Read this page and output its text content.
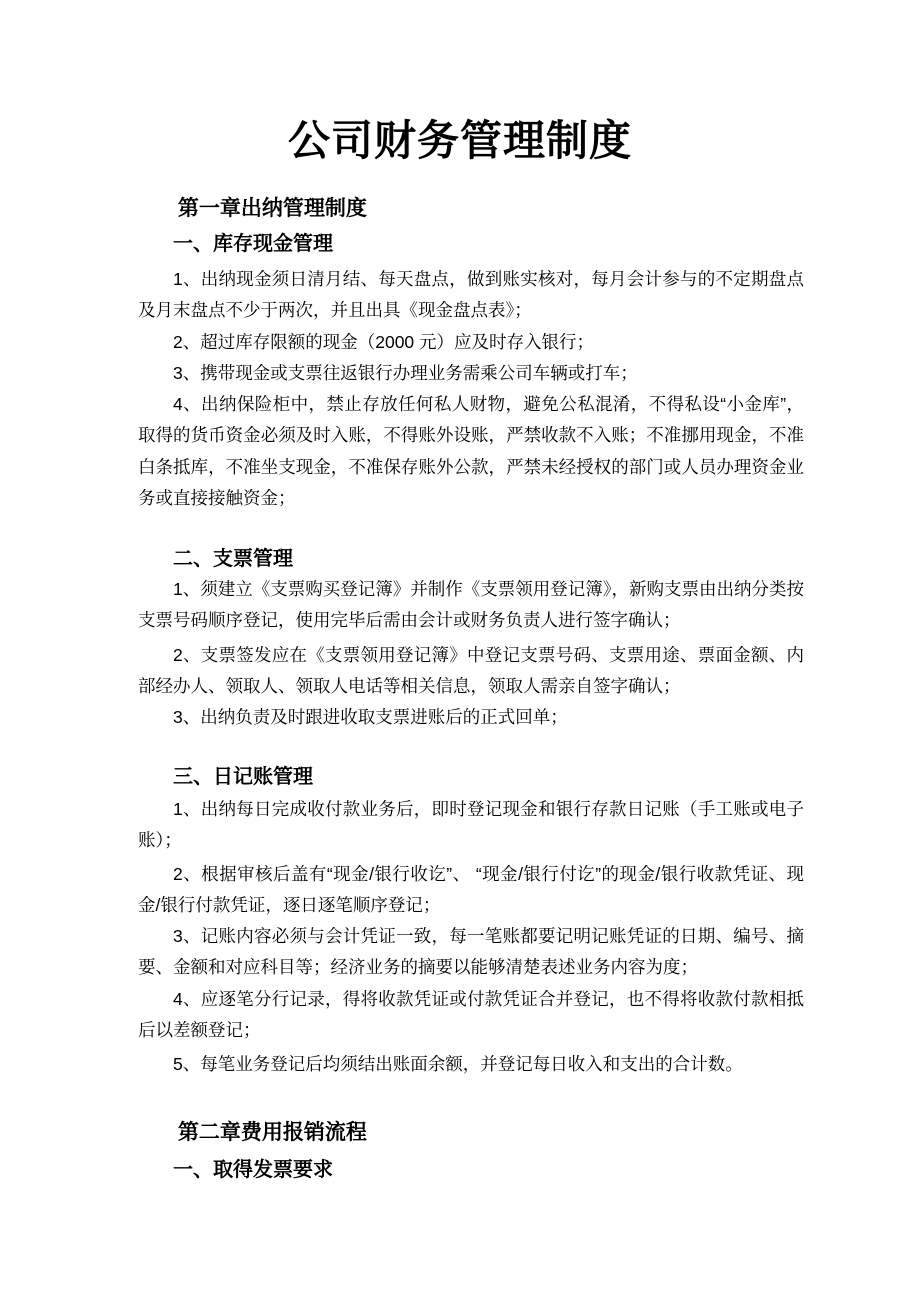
公司财务管理制度
第一章出纳管理制度
一、库存现金管理
1、出纳现金须日清月结、每天盘点，做到账实核对，每月会计参与的不定期盘点及月末盘点不少于两次，并且出具《现金盘点表》；
2、超过库存限额的现金（2000 元）应及时存入银行；
3、携带现金或支票往返银行办理业务需乘公司车辆或打车；
4、出纳保险柜中，禁止存放任何私人财物，避免公私混淆，不得私设“小金库”，取得的货币资金必须及时入账，不得账外设账，严禁收款不入账；不准挪用现金，不准白条抵库，不准坐支现金，不准保存账外公款，严禁未经授权的部门或人员办理资金业务或直接接触资金；
二、支票管理
1、须建立《支票购买登记簿》并制作《支票领用登记簿》，新购支票由出纳分类按支票号码顺序登记，使用完毕后需由会计或财务负责人进行签字确认；
2、支票签发应在《支票领用登记簿》中登记支票号码、支票用途、票面金额、内部经办人、领取人、领取人电话等相关信息，领取人需亲自签字确认；
3、出纳负责及时跟进收取支票进账后的正式回单；
三、日记账管理
1、出纳每日完成收付款业务后，即时登记现金和银行存款日记账（手工账或电子账）；
2、根据审核后盖有“现金/银行收讫”、 “现金/银行付讫”的现金/银行收款凭证、现金/银行付款凭证，逐日逐笔顺序登记；
3、记账内容必须与会计凭证一致，每一笔账都要记明记账凭证的日期、编号、摘要、金额和对应科目等；经济业务的摘要以能够清楚表述业务内容为度；
4、应逐笔分行记录，得将收款凭证或付款凭证合并登记，也不得将收款付款相抵后以差额登记；
5、每笔业务登记后均须结出账面余额，并登记每日收入和支出的合计数。
第二章费用报销流程
一、取得发票要求
